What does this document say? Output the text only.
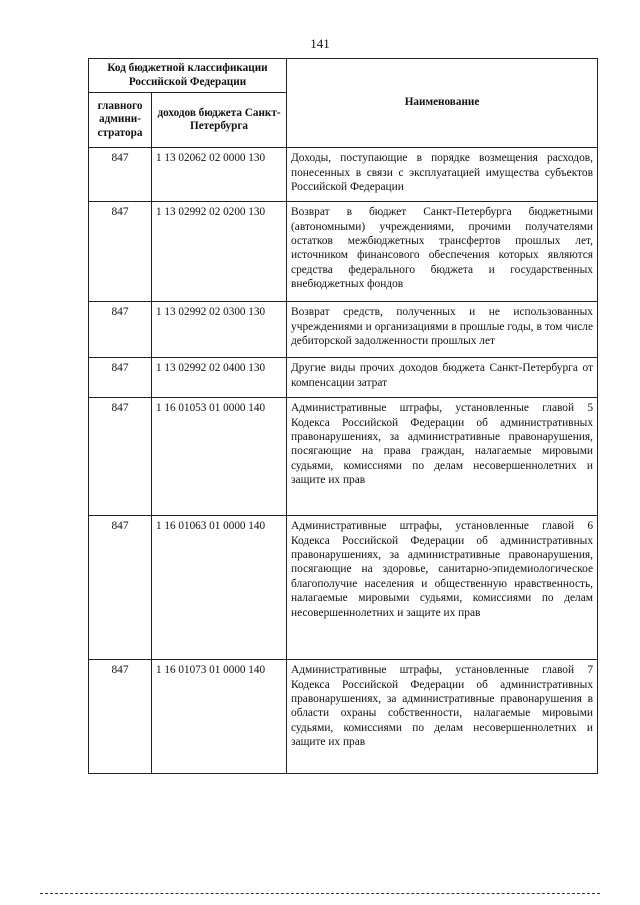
141
Код бюджетной классификации Российской Федерации		Наименование
главного админи-стратора	доходов бюджета Санкт-Петербурга	
847	1 13 02062 02 0000 130	Доходы, поступающие в порядке возмещения расходов, понесенных в связи с эксплуатацией имущества субъектов Российской Федерации
847	1 13 02992 02 0200 130	Возврат в бюджет Санкт-Петербурга бюджетными (автономными) учреждениями, прочими получателями остатков межбюджетных трансфертов прошлых лет, источником финансового обеспечения которых являются средства федерального бюджета и государственных внебюджетных фондов
847	1 13 02992 02 0300 130	Возврат средств, полученных и не использованных учреждениями и организациями в прошлые годы, в том числе дебиторской задолженности прошлых лет
847	1 13 02992 02 0400 130	Другие виды прочих доходов бюджета Санкт-Петербурга от компенсации затрат
847	1 16 01053 01 0000 140	Административные штрафы, установленные главой 5 Кодекса Российской Федерации об административных правонарушениях, за административные правонарушения, посягающие на права граждан, налагаемые мировыми судьями, комиссиями по делам несовершеннолетних и защите их прав
847	1 16 01063 01 0000 140	Административные штрафы, установленные главой 6 Кодекса Российской Федерации об административных правонарушениях, за административные правонарушения, посягающие на здоровье, санитарно-эпидемиологическое благополучие населения и общественную нравственность, налагаемые мировыми судьями, комиссиями по делам несовершеннолетних и защите их прав
847	1 16 01073 01 0000 140	Административные штрафы, установленные главой 7 Кодекса Российской Федерации об административных правонарушениях, за административные правонарушения в области охраны собственности, налагаемые мировыми судьями, комиссиями по делам несовершеннолетних и защите их прав
